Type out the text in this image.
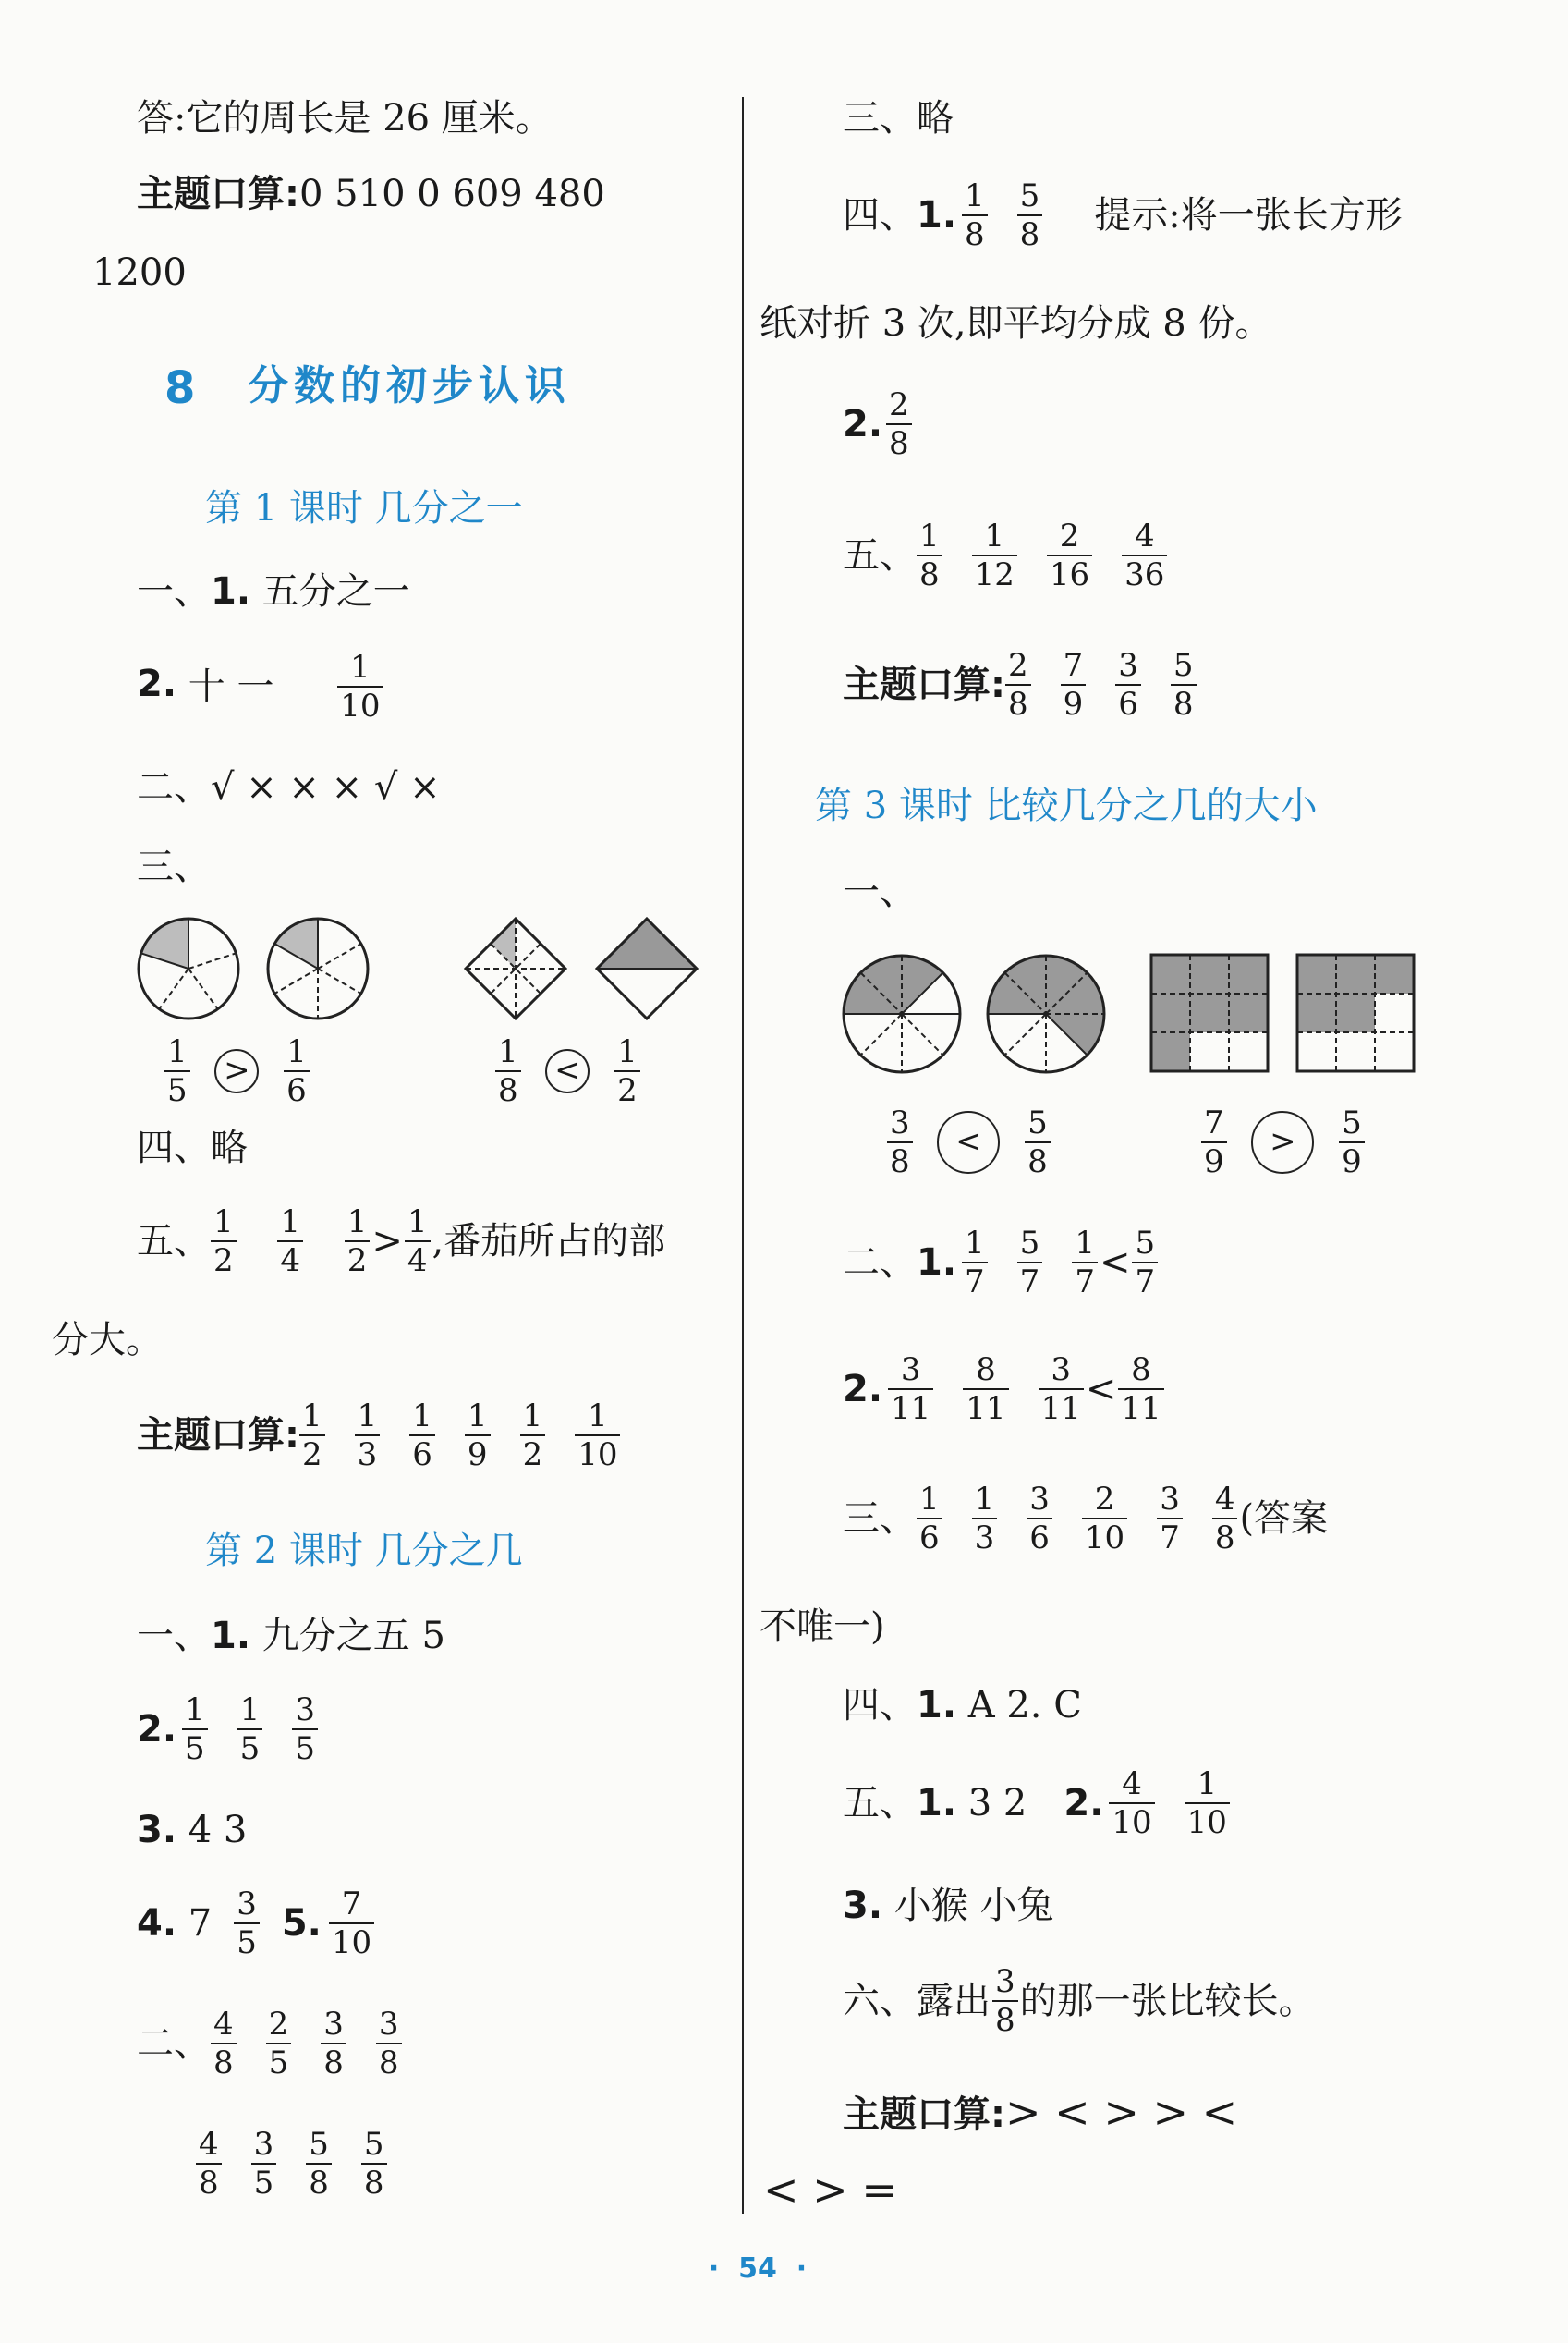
答:它的周长是 26 厘米。
主题口算:0 510 0 609 480
1200
8 分数的初步认识
第 1 课时 几分之一
一、1. 五分之一
2. 十 一 $\frac{1}{10}$
二、√ × × × √ ×
三、
$\frac{1}{5} > \frac{1}{6}$	$\frac{1}{8} < \frac{1}{2}$
四、略
五、 $\frac{1}{2}$
$\frac{1}{4}$
$\frac{1}{2} > \frac{1}{4}$ ,番茄所占的部
分大。
主题口算: $\frac{1}{2} \frac{1}{3} \frac{1}{6} \frac{1}{9} \frac{1}{2} \frac{1}{10}$
第 2 课时 几分之几
一、1. 九分之五 5
2. $\frac{1}{5} \frac{1}{5} \frac{3}{5}$
3. 4 3
4. $7 \frac{3}{5} 5$. $\frac{7}{10}$
二、 $\frac{4}{8} \frac{2}{5} \frac{3}{8} \frac{3}{8}$
$\frac{4}{8} \frac{3}{5} \frac{5}{8} \frac{5}{8}$
三、略
四、1. $\frac{1}{8} \frac{5}{8}$ 提示:将一张长方形
纸对折 3 次,即平均分成 8 份。
2. $\frac{2}{8}$
五、 $\frac{1}{8} \frac{1}{12} \frac{2}{16} \frac{4}{36}$
主题口算: $\frac{2}{8} \frac{7}{9} \frac{3}{6} \frac{5}{8}$
第 3 课时 比较几分之几的大小
一、
$\frac{3}{8} < \frac{5}{8}$	$\frac{7}{9} > \frac{5}{9}$
二、1. $\frac{1}{7} \frac{5}{7} \frac{1}{7} < \frac{5}{7}$
2. $\frac{3}{11} \frac{8}{11} \frac{3}{11} < \frac{8}{11}$
三、 $\frac{1}{6} \frac{1}{3} \frac{3}{6} \frac{2}{10} \frac{3}{7} \frac{4}{8}$ (答案
不唯一)
四、1. A 2. C
五、1. 3 2 2. $\frac{4}{10} \frac{1}{10}$
3. 小猴 小兔
六、露出 $\frac{3}{8}$ 的那一张比较长。
主题口算:> < > > <
< > =
· 54 ·
